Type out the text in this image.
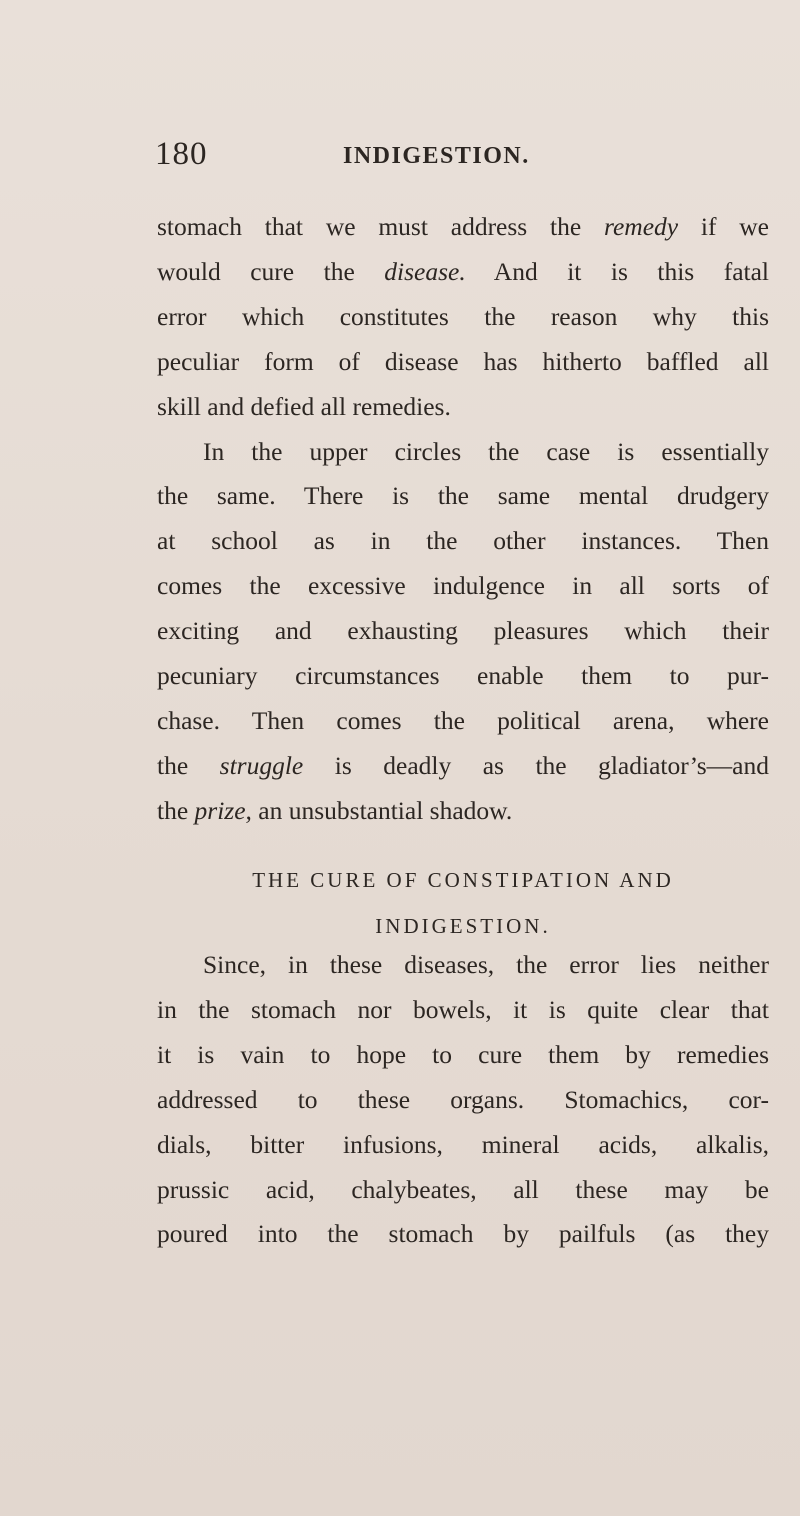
180	INDIGESTION.
stomach that we must address the remedy if we
would cure the disease. And it is this fatal
error which constitutes the reason why this
peculiar form of disease has hitherto baffled all
skill and defied all remedies.
In the upper circles the case is essentially
the same. There is the same mental drudgery
at school as in the other instances. Then
comes the excessive indulgence in all sorts of
exciting and exhausting pleasures which their
pecuniary circumstances enable them to pur-
chase. Then comes the political arena, where
the struggle is deadly as the gladiator’s—and
the prize, an unsubstantial shadow.
THE CURE OF CONSTIPATION AND
INDIGESTION.
Since, in these diseases, the error lies neither
in the stomach nor bowels, it is quite clear that
it is vain to hope to cure them by remedies
addressed to these organs. Stomachics, cor-
dials, bitter infusions, mineral acids, alkalis,
prussic acid, chalybeates, all these may be
poured into the stomach by pailfuls (as they
